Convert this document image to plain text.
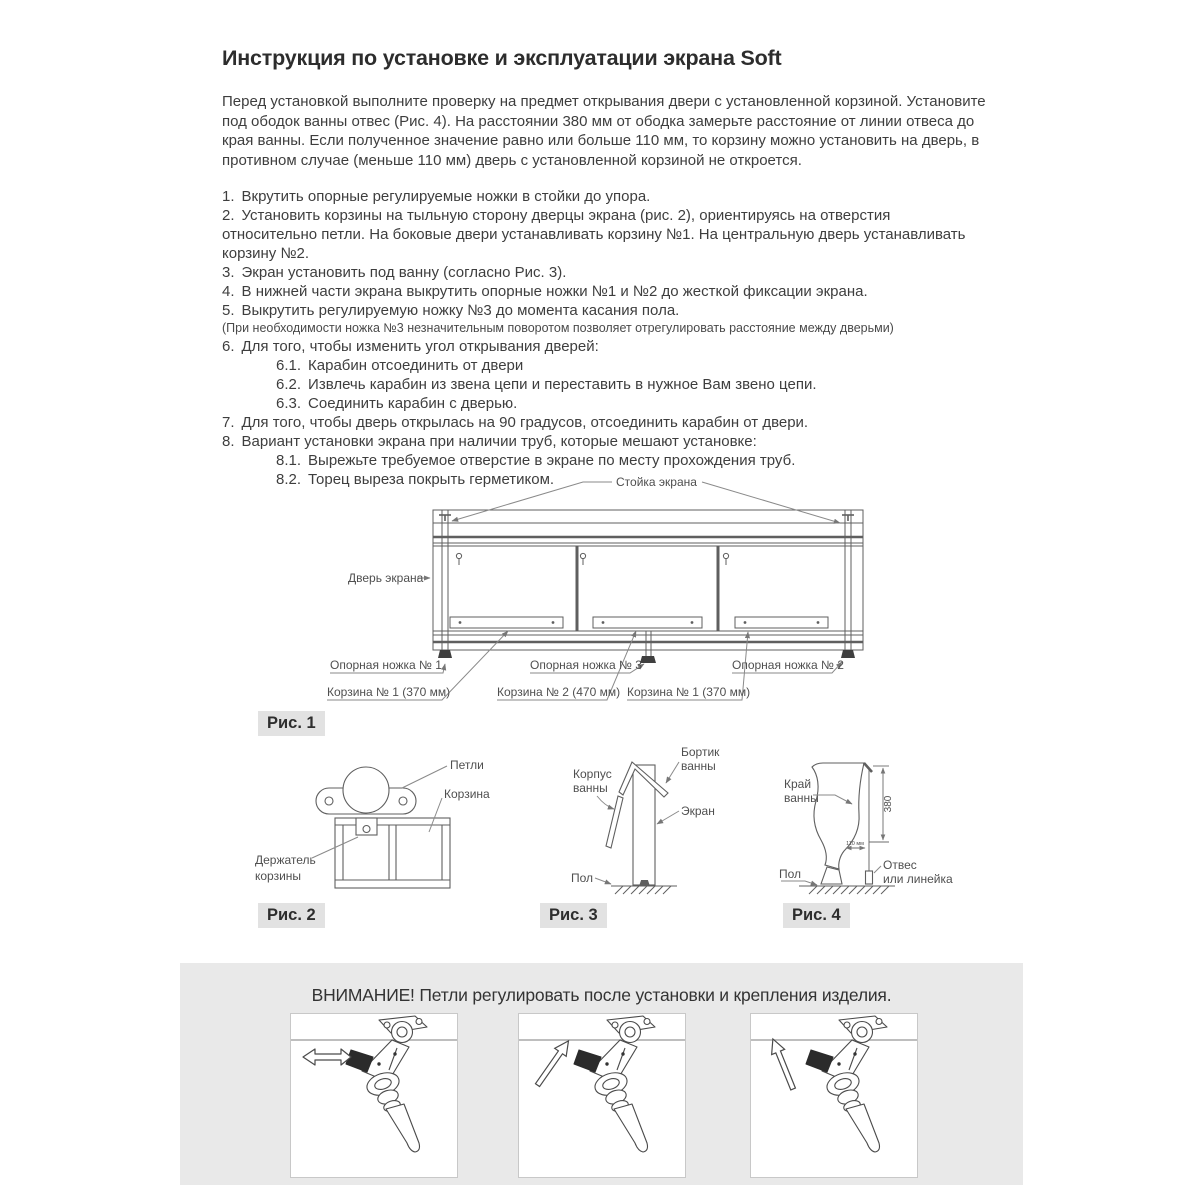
Инструкция по установке и эксплуатации экрана Soft

Перед установкой выполните проверку на предмет открывания двери с установленной корзиной. Установите под ободок ванны отвес (Рис. 4). На расстоянии 380 мм от ободка замерьте расстояние от линии отвеса до края ванны. Если полученное значение равно или больше 110 мм, то корзину можно установить на дверь, в противном случае (меньше 110 мм) дверь с установленной корзиной не откроется.

1. Вкрутить опорные регулируемые ножки в стойки до упора.
2. Установить корзины на тыльную сторону дверцы экрана (рис. 2), ориентируясь на отверстия относительно петли. На боковые двери устанавливать корзину №1. На центральную дверь устанавливать корзину №2.
3. Экран установить под ванну (согласно Рис. 3).
4. В нижней части экрана выкрутить опорные ножки №1 и №2 до жесткой фиксации экрана.
5. Выкрутить регулируемую ножку №3 до момента касания пола.
(При необходимости ножка №3 незначительным поворотом позволяет отрегулировать расстояние между дверьми)
6. Для того, чтобы изменить угол открывания дверей:
6.1. Карабин отсоединить от двери
6.2. Извлечь карабин из звена цепи и переставить в нужное Вам звено цепи.
6.3. Соединить карабин с дверью.
7. Для того, чтобы дверь открылась на 90 градусов, отсоединить карабин от двери.
8. Вариант установки экрана при наличии труб, которые мешают установке:
8.1. Вырежьте требуемое отверстие в экране по месту прохождения труб.
8.2. Торец выреза покрыть герметиком.	Стойка экрана
Дверь экрана
Опорная ножка № 1	Опорная ножка № 3	Опорная ножка № 2
Корзина № 1 (370 мм)	Корзина № 2 (470 мм) Корзина № 1 (370 мм)
Рис. 1
Петли
Корзина
Держатель
корзины
Рис. 2
Бортик
ванны
Корпус
ванны
Экран
Пол
Рис. 3
380
110 мм
Край
ванны
Пол
Отвес
или линейка
Рис. 4
ВНИМАНИЕ! Петли регулировать после установки и крепления изделия.
